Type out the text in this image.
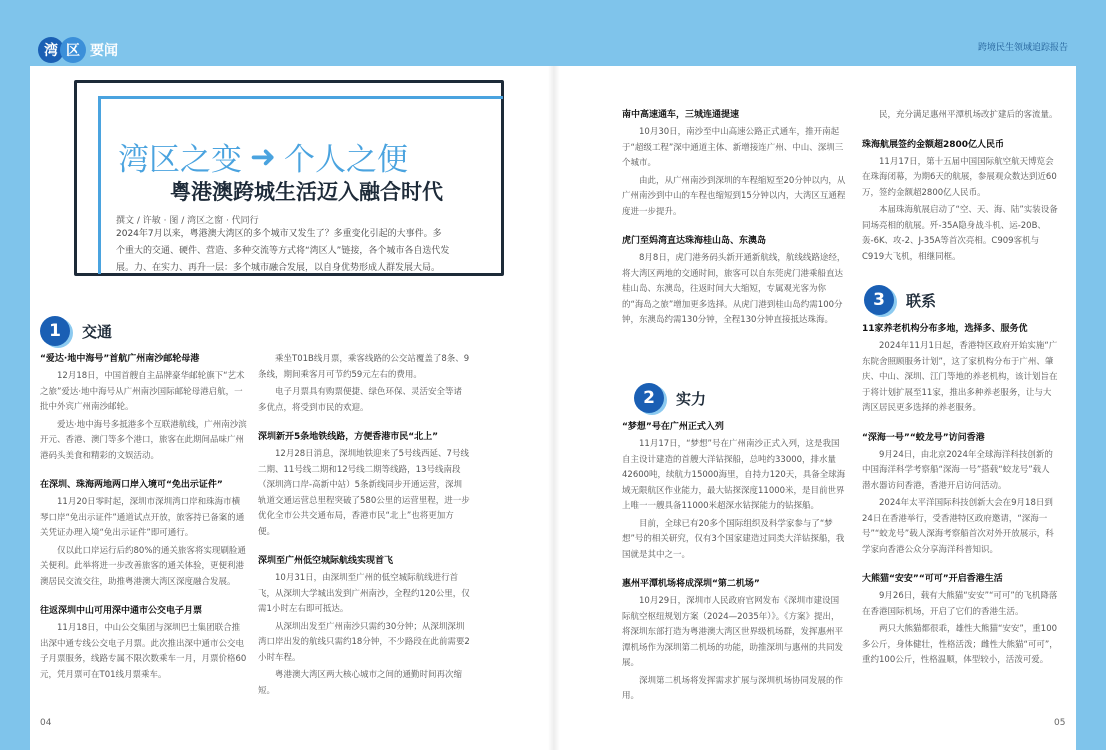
湾 区 要闻	跨境民生领域追踪报告
湾区之变 ➜ 个人之便
粤港澳跨城生活迈入融合时代
撰文 / 许敏 · 图 / 湾区之窗 · 代同行
2024年7月以来，粤港澳大湾区的多个城市又发生了？多重变化引起的大事件。多个重大的交通、硬件、营造、多种交流等方式将“湾区人”链接，各个城市各自迭代发展。力、在实力、再升一层：多个城市融合发展，以自身优势形成人群发展大局。
1	交通
2	实力
3	联系
“爱达·地中海号”首航广州南沙邮轮母港

12月18日，中国首艘自主品牌豪华邮轮旗下“艺术之旅”爱达·地中海号从广州南沙国际邮轮母港启航，一批中外宾广州南沙邮轮。

爱达·地中海号多抵港多个互联港航线，广州南沙滨开元、香港、澳门等多个港口，旅客在此期间品味广州港码头美食和精彩的文娱活动。

在深圳、珠海两地两口岸入境可“免出示证件”

11月20日零时起，深圳市深圳湾口岸和珠海市横琴口岸“免出示证件”通道试点开放，旅客持已备案的通关凭证办理入境“免出示证件”即可通行。

仅以此口岸运行后约80%的通关旅客将实现刷脸通关便利。此举将进一步改善旅客的通关体验，更便利港澳居民交流交往，助推粤港澳大湾区深度融合发展。

往返深圳中山可用深中通市公交电子月票

11月18日，中山公交集团与深圳巴士集团联合推出深中通专线公交电子月票。此次推出深中通市公交电子月票服务，线路专属不限次数乘车一月，月票价格60元，凭月票可在T01线月票乘车。

乘坐T01B线月票，乘客线路的公交站覆盖了8条、9条线，期间乘客月可节约59元左右的费用。

电子月票具有购票便捷、绿色环保、灵活安全等诸多优点，将受到市民的欢迎。

深圳新开5条地铁线路，方便香港市民“北上”

12月28日消息，深圳地铁迎来了5号线西延、7号线二期、11号线二期和12号线二期等线路，13号线南段（深圳湾口岸-高新中站）5条新线同步开通运营，深圳轨道交通运营总里程突破了580公里的运营里程，进一步优化全市公共交通布局，香港市民“北上”也将更加方便。

深圳至广州低空城际航线实现首飞

10月31日，由深圳至广州的低空城际航线进行首飞，从深圳大学城出发到广州南沙，全程约120公里，仅需1小时左右即可抵达。

从深圳出发至广州南沙只需约30分钟；从深圳深圳湾口岸出发的航线只需约18分钟，不少路段在此前需要2小时车程。

粤港澳大湾区两大核心城市之间的通勤时间再次缩短。

南中高速通车，三城连通提速

10月30日，南沙至中山高速公路正式通车，推开南起于“超级工程”深中通道主体、新增接连广州、中山、深圳三个城市。

由此，从广州南沙到深圳的车程缩短至20分钟以内，从广州南沙到中山的车程也缩短到15分钟以内，大湾区互通程度进一步提升。

虎门至妈湾直达珠海桂山岛、东澳岛

8月8日，虎门港务码头新开通新航线，航线线路途经，将大湾区两地的交通时间，旅客可以自东莞虎门港乘船直达桂山岛、东澳岛，往返时间大大缩短，专属观光客为你的“海岛之旅”增加更多选择。从虎门港到桂山岛约需100分钟，东澳岛约需130分钟，全程130分钟直接抵达珠海。

“梦想”号在广州正式入列

11月17日，“梦想”号在广州南沙正式入列，这是我国自主设计建造的首艘大洋钻探船，总吨约33000，排水量42600吨，续航力15000海里，自持力120天，具备全球海域无限航区作业能力，最大钻探深度11000米，是目前世界上唯一一艘具备11000米超深水钻探能力的钻探船。

目前，全球已有20多个国际组织及科学家参与了“梦想”号的相关研究，仅有3个国家建造过同类大洋钻探船，我国就是其中之一。

惠州平潭机场将成深圳“第二机场”

10月29日，深圳市人民政府官网发布《深圳市建设国际航空枢纽规划方案（2024—2035年）》。《方案》提出，将深圳东部打造为粤港澳大湾区世界级机场群，发挥惠州平潭机场作为深圳第二机场的功能，助推深圳与惠州的共同发展。

深圳第二机场将发挥需求扩展与深圳机场协同发展的作用。

民，充分满足惠州平潭机场改扩建后的客流量。

珠海航展签约金额超2800亿人民币

11月17日，第十五届中国国际航空航天博览会在珠海闭幕，为期6天的航展，参展观众数达到近60万，签约金额超2800亿人民币。

本届珠海航展启动了“空、天、海、陆”实装设备同场亮相的航展。歼-35A隐身战斗机、运-20B、轰-6K、攻-2、J-35A等首次亮相。C909客机与C919大飞机，相继同框。

11家养老机构分布多地，选择多、服务优

2024年11月1日起，香港特区政府开始实施“广东院舍照顾服务计划”，这了家机构分布于广州、肇庆、中山、深圳、江门等地的养老机构，该计划旨在于将计划扩展至11家，推出多种养老服务，让与大湾区居民更多选择的养老服务。

“深海一号”“蛟龙号”访问香港

9月24日，由北京2024年全球海洋科技创新的中国海洋科学考察船“深海一号”搭载“蛟龙号”载人潜水器访问香港，香港开启访问活动。

2024年太平洋国际科技创新大会在9月18日到24日在香港举行，受香港特区政府邀请，“深海一号”“蛟龙号”载人深海考察船首次对外开放展示，科学家向香港公众分享海洋科普知识。

大熊猫“安安”“可可”开启香港生活

9月26日，载有大熊猫“安安”“可可”的飞机降落在香港国际机场，开启了它们的香港生活。

两只大熊猫都很乖，雄性大熊猫“安安”，重100多公斤，身体健壮，性格活泼；雌性大熊猫“可可”，重约100公斤，性格温顺，体型较小，活泼可爱。

04	05
